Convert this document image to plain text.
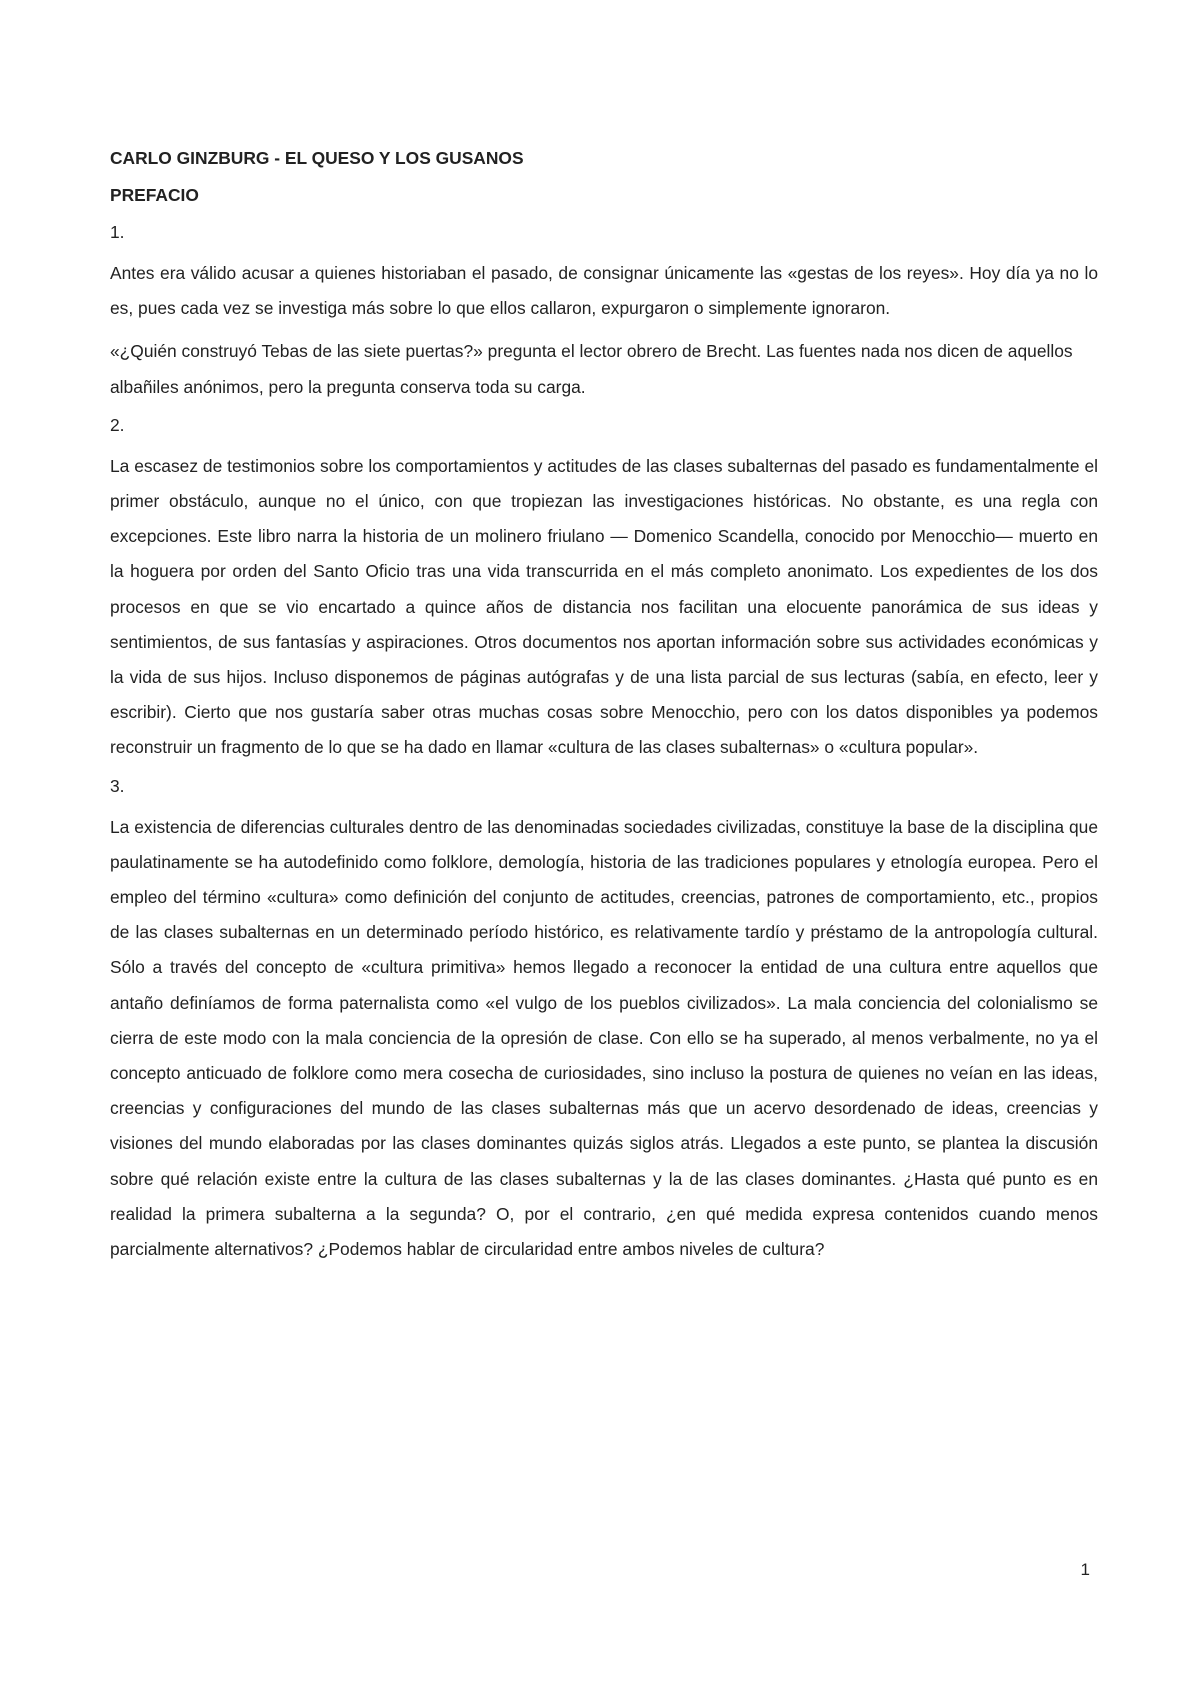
CARLO GINZBURG - EL QUESO Y LOS GUSANOS
PREFACIO
1.

Antes era válido acusar a quienes historiaban el pasado, de consignar únicamente las «gestas de los reyes». Hoy día ya no lo es, pues cada vez se investiga más sobre lo que ellos callaron, expurgaron o simplemente ignoraron.

«¿Quién construyó Tebas de las siete puertas?» pregunta el lector obrero de Brecht. Las fuentes nada nos dicen de aquellos albañiles anónimos, pero la pregunta conserva toda su carga.

2.

La escasez de testimonios sobre los comportamientos y actitudes de las clases subalternas del pasado es fundamentalmente el primer obstáculo, aunque no el único, con que tropiezan las investigaciones históricas. No obstante, es una regla con excepciones. Este libro narra la historia de un molinero friulano — Domenico Scandella, conocido por Menocchio— muerto en la hoguera por orden del Santo Oficio tras una vida transcurrida en el más completo anonimato. Los expedientes de los dos procesos en que se vio encartado a quince años de distancia nos facilitan una elocuente panorámica de sus ideas y sentimientos, de sus fantasías y aspiraciones. Otros documentos nos aportan información sobre sus actividades económicas y la vida de sus hijos. Incluso disponemos de páginas autógrafas y de una lista parcial de sus lecturas (sabía, en efecto, leer y escribir). Cierto que nos gustaría saber otras muchas cosas sobre Menocchio, pero con los datos disponibles ya podemos reconstruir un fragmento de lo que se ha dado en llamar «cultura de las clases subalternas» o «cultura popular».

3.

La existencia de diferencias culturales dentro de las denominadas sociedades civilizadas, constituye la base de la disciplina que paulatinamente se ha autodefinido como folklore, demología, historia de las tradiciones populares y etnología europea. Pero el empleo del término «cultura» como definición del conjunto de actitudes, creencias, patrones de comportamiento, etc., propios de las clases subalternas en un determinado período histórico, es relativamente tardío y préstamo de la antropología cultural. Sólo a través del concepto de «cultura primitiva» hemos llegado a reconocer la entidad de una cultura entre aquellos que antaño definíamos de forma paternalista como «el vulgo de los pueblos civilizados». La mala conciencia del colonialismo se cierra de este modo con la mala conciencia de la opresión de clase. Con ello se ha superado, al menos verbalmente, no ya el concepto anticuado de folklore como mera cosecha de curiosidades, sino incluso la postura de quienes no veían en las ideas, creencias y configuraciones del mundo de las clases subalternas más que un acervo desordenado de ideas, creencias y visiones del mundo elaboradas por las clases dominantes quizás siglos atrás. Llegados a este punto, se plantea la discusión sobre qué relación existe entre la cultura de las clases subalternas y la de las clases dominantes. ¿Hasta qué punto es en realidad la primera subalterna a la segunda? O, por el contrario, ¿en qué medida expresa contenidos cuando menos parcialmente alternativos? ¿Podemos hablar de circularidad entre ambos niveles de cultura?

1
